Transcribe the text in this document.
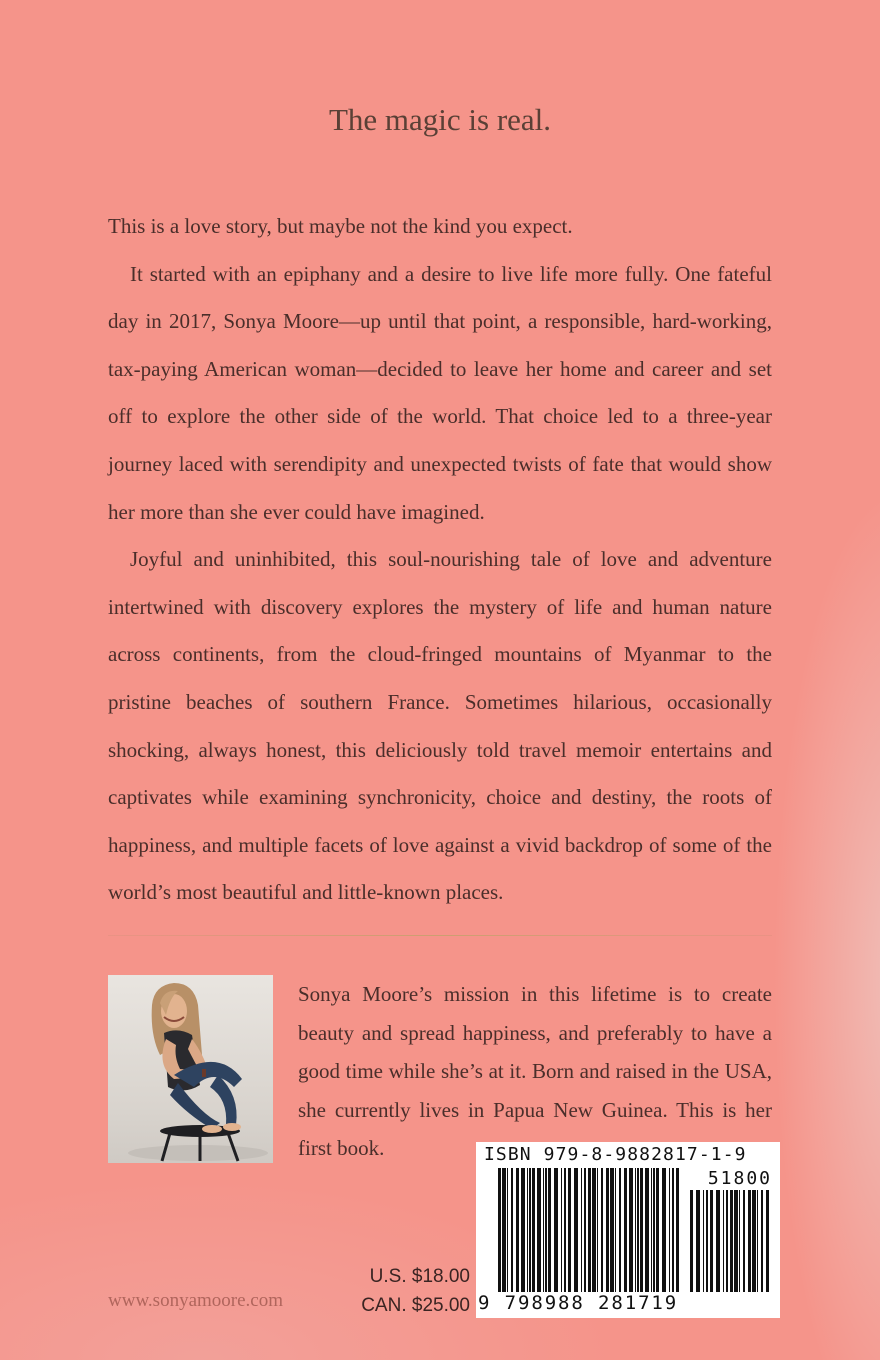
The magic is real.

This is a love story, but maybe not the kind you expect.

It started with an epiphany and a desire to live life more fully. One fateful day in 2017, Sonya Moore—up until that point, a responsible, hard-working, tax-paying American woman—decided to leave her home and career and set off to explore the other side of the world. That choice led to a three-year journey laced with serendipity and unexpected twists of fate that would show her more than she ever could have imagined.

Joyful and uninhibited, this soul-nourishing tale of love and adventure intertwined with discovery explores the mystery of life and human nature across continents, from the cloud-fringed mountains of Myanmar to the pristine beaches of southern France. Sometimes hilarious, occasionally shocking, always honest, this deliciously told travel memoir entertains and captivates while examining synchronicity, choice and destiny, the roots of happiness, and multiple facets of love against a vivid backdrop of some of the world’s most beautiful and little-known places.

Sonya Moore’s mission in this lifetime is to create beauty and spread happiness, and preferably to have a good time while she’s at it. Born and raised in the USA, she currently lives in Papua New Guinea. This is her first book.

www.sonyamoore.com
U.S. $18.00
CAN. $25.00
ISBN 979-8-9882817-1-9
51800
9 798988 281719
